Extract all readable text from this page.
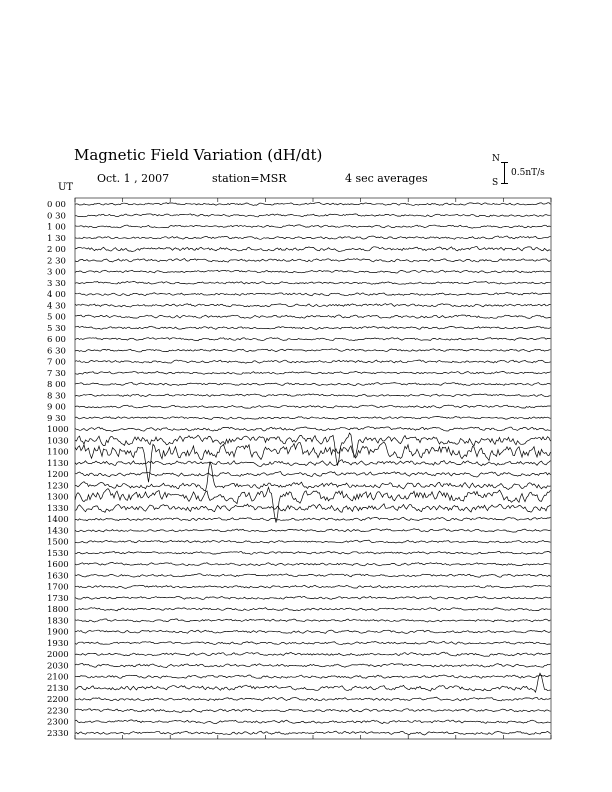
Magnetic Field Variation (dH/dt)
Oct. 1 , 2007	station=MSR	4 sec averages
UT
N
S
0.5nT/s
0 00
0 30
1 00
1 30
2 00
2 30
3 00
3 30
4 00
4 30
5 00
5 30
6 00
6 30
7 00
7 30
8 00
8 30
9 00
9 30
1000
1030
1100
1130
1200
1230
1300
1330
1400
1430
1500
1530
1600
1630
1700
1730
1800
1830
1900
1930
2000
2030
2100
2130
2200
2230
2300
2330
